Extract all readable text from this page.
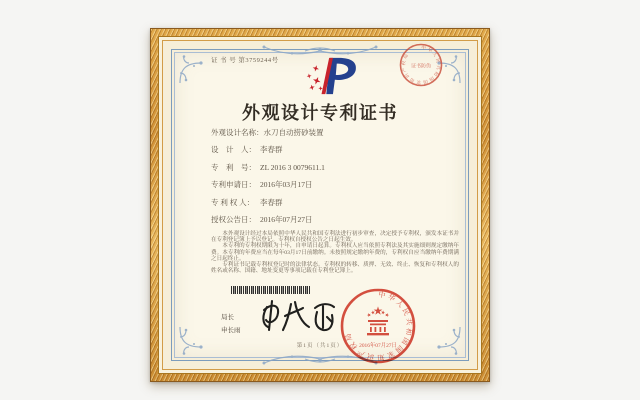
证 书 号 第3759244号
中华人民共和国国家知识产权局
证书防伪
外观设计专利证书
外观设计名称：水刀自动捞砂装置
设　计　人： 李春群
专　利　号： ZL 2016 3 0079611.1
专利申请日： 2016年03月17日
专 利 权 人： 李春群
授权公告日： 2016年07月27日

本外观设计经过本局依照中华人民共和国专利法进行初步审查，决定授予专利权，颁发本证书并在专利登记簿上予以登记。专利权自授权公告之日起生效。

本专利的专利权期限为十年，自申请日起算。专利权人应当依照专利法及其实施细则规定缴纳年费。本专利的年费应当在每年03月17日前缴纳。未按照规定缴纳年费的，专利权自应当缴纳年费期满之日起终止。

专利证书记载专利权登记时的法律状态。专利权的转移、质押、无效、终止、恢复和专利权人的姓名或名称、国籍、地址变更等事项记载在专利登记簿上。

局长
申长雨
中华人民共和国国家知识产权局
2016年07月27日
第1页（共1页）
